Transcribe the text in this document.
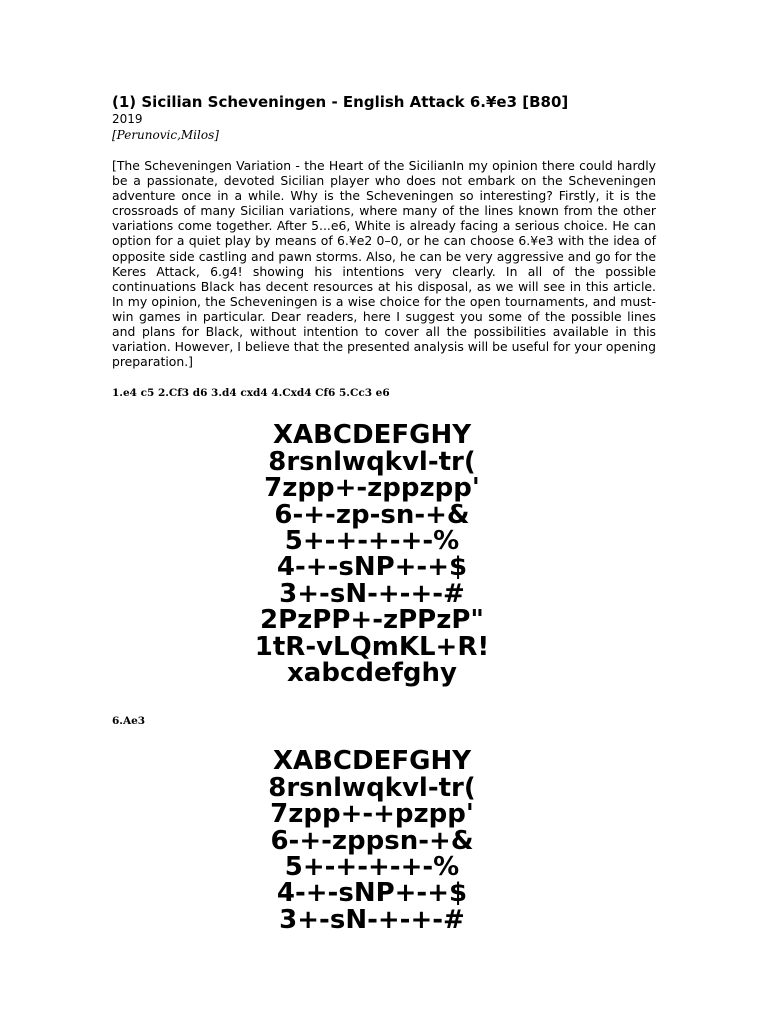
(1) Sicilian Scheveningen - English Attack 6.¥e3 [B80]
2019
[Perunovic,Milos]
[The Scheveningen Variation - the Heart of the SicilianIn my opinion there could hardly be a passionate, devoted Sicilian player who does not embark on the Scheveningen adventure once in a while. Why is the Scheveningen so interesting? Firstly, it is the crossroads of many Sicilian variations, where many of the lines known from the other variations come together. After 5...e6, White is already facing a serious choice. He can option for a quiet play by means of 6.¥e2 0–0, or he can choose 6.¥e3 with the idea of opposite side castling and pawn storms. Also, he can be very aggressive and go for the Keres Attack, 6.g4! showing his intentions very clearly. In all of the possible continuations Black has decent resources at his disposal, as we will see in this article. In my opinion, the Scheveningen is a wise choice for the open tournaments, and must-win games in particular. Dear readers, here I suggest you some of the possible lines and plans for Black, without intention to cover all the possibilities available in this variation. However, I believe that the presented analysis will be useful for your opening preparation.]
1.e4 c5 2.Cf3 d6 3.d4 cxd4 4.Cxd4 Cf6 5.Cc3 e6
XABCDEFGHY
8rsnlwqkvl-tr(
7zpp+-zppzpp'
6-+-zp-sn-+&
5+-+-+-+-%
4-+-sNP+-+$
3+-sN-+-+-#
2PzPP+-zPPzP"
1tR-vLQmKL+R!
xabcdefghy
6.Ae3
XABCDEFGHY
8rsnlwqkvl-tr(
7zpp+-+pzpp'
6-+-zppsn-+&
5+-+-+-+-%
4-+-sNP+-+$
3+-sN-+-+-#
